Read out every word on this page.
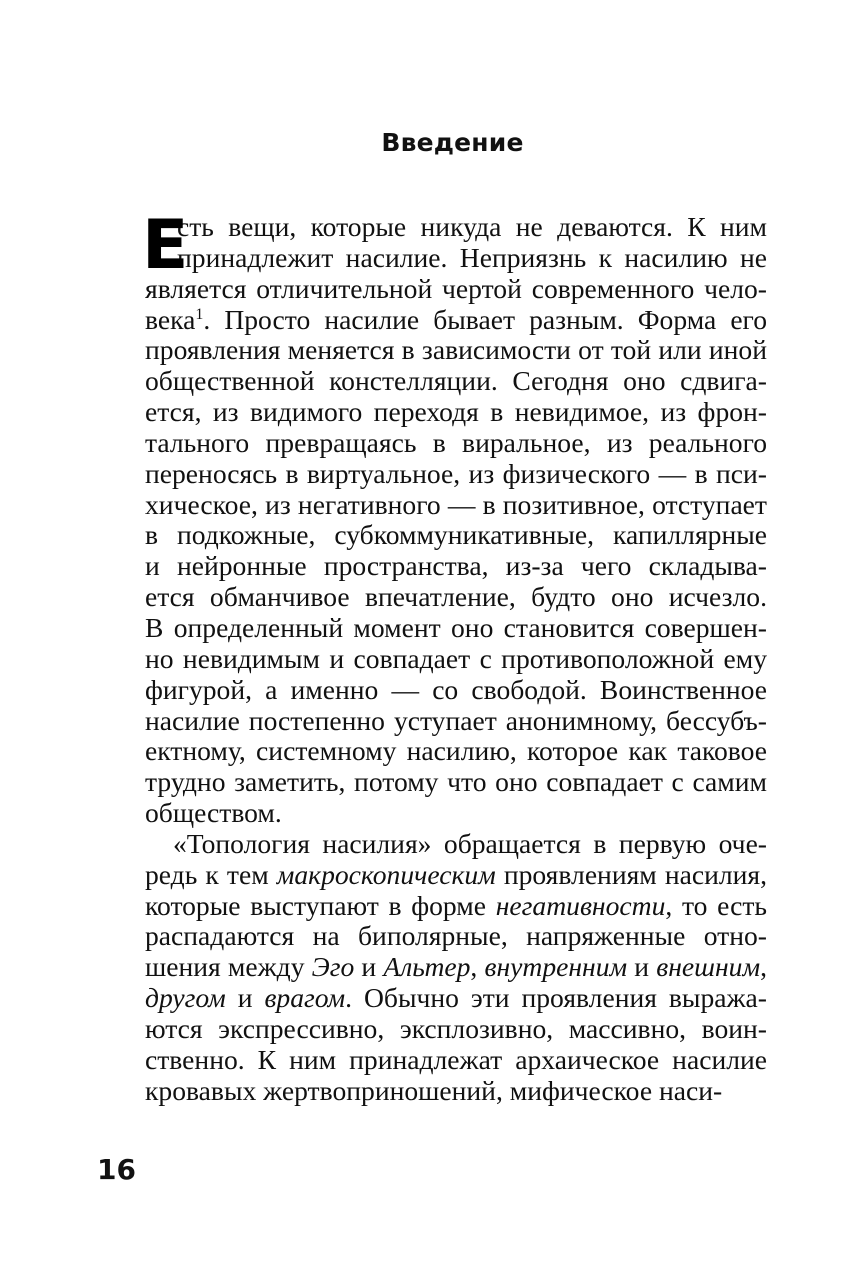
Введение
Е
сть вещи, которые никуда не деваются. К ним
принадлежит насилие. Неприязнь к насилию не
является отличительной чертой современного чело-
века$^1$. Просто насилие бывает разным. Форма его
проявления меняется в зависимости от той или иной
общественной констелляции. Сегодня оно сдвига-
ется, из видимого переходя в невидимое, из фрон-
тального превращаясь в виральное, из реального
переносясь в виртуальное, из физического — в пси-
хическое, из негативного — в позитивное, отступает
в подкожные, субкоммуникативные, капиллярные
и нейронные пространства, из-за чего складыва-
ется обманчивое впечатление, будто оно исчезло.
В определенный момент оно становится совершен-
но невидимым и совпадает с противоположной ему
фигурой, а именно — со свободой. Воинственное
насилие постепенно уступает анонимному, бессубъ-
ектному, системному насилию, которое как таковое
трудно заметить, потому что оно совпадает с самим
обществом.
«Топология насилия» обращается в первую оче-
редь к тем макроскопическим проявлениям насилия,
которые выступают в форме негативности, то есть
распадаются на биполярные, напряженные отно-
шения между Эго и Альтер, внутренним и внешним,
другом и врагом. Обычно эти проявления выража-
ются экспрессивно, эксплозивно, массивно, воин-
ственно. К ним принадлежат архаическое насилие
кровавых жертвоприношений, мифическое наси-
16
